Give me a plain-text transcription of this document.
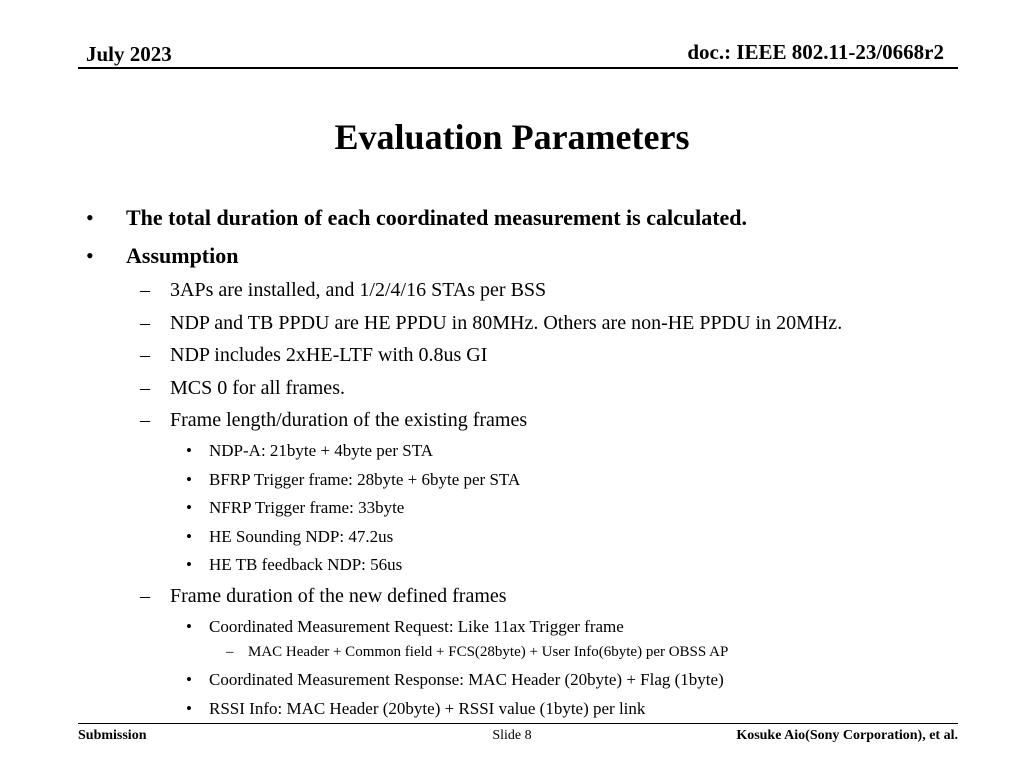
July 2023	doc.: IEEE 802.11-23/0668r2
Evaluation Parameters
• The total duration of each coordinated measurement is calculated.
• Assumption
– 3APs are installed, and 1/2/4/16 STAs per BSS
– NDP and TB PPDU are HE PPDU in 80MHz. Others are non-HE PPDU in 20MHz.
– NDP includes 2xHE-LTF with 0.8us GI
– MCS 0 for all frames.
– Frame length/duration of the existing frames
• NDP-A: 21byte + 4byte per STA
• BFRP Trigger frame: 28byte + 6byte per STA
• NFRP Trigger frame: 33byte
• HE Sounding NDP: 47.2us
• HE TB feedback NDP: 56us
– Frame duration of the new defined frames
• Coordinated Measurement Request: Like 11ax Trigger frame
– MAC Header + Common field + FCS(28byte) + User Info(6byte) per OBSS AP
• Coordinated Measurement Response: MAC Header (20byte) + Flag (1byte)
• RSSI Info: MAC Header (20byte) + RSSI value (1byte) per link
Submission	Slide 8	Kosuke Aio(Sony Corporation), et al.
